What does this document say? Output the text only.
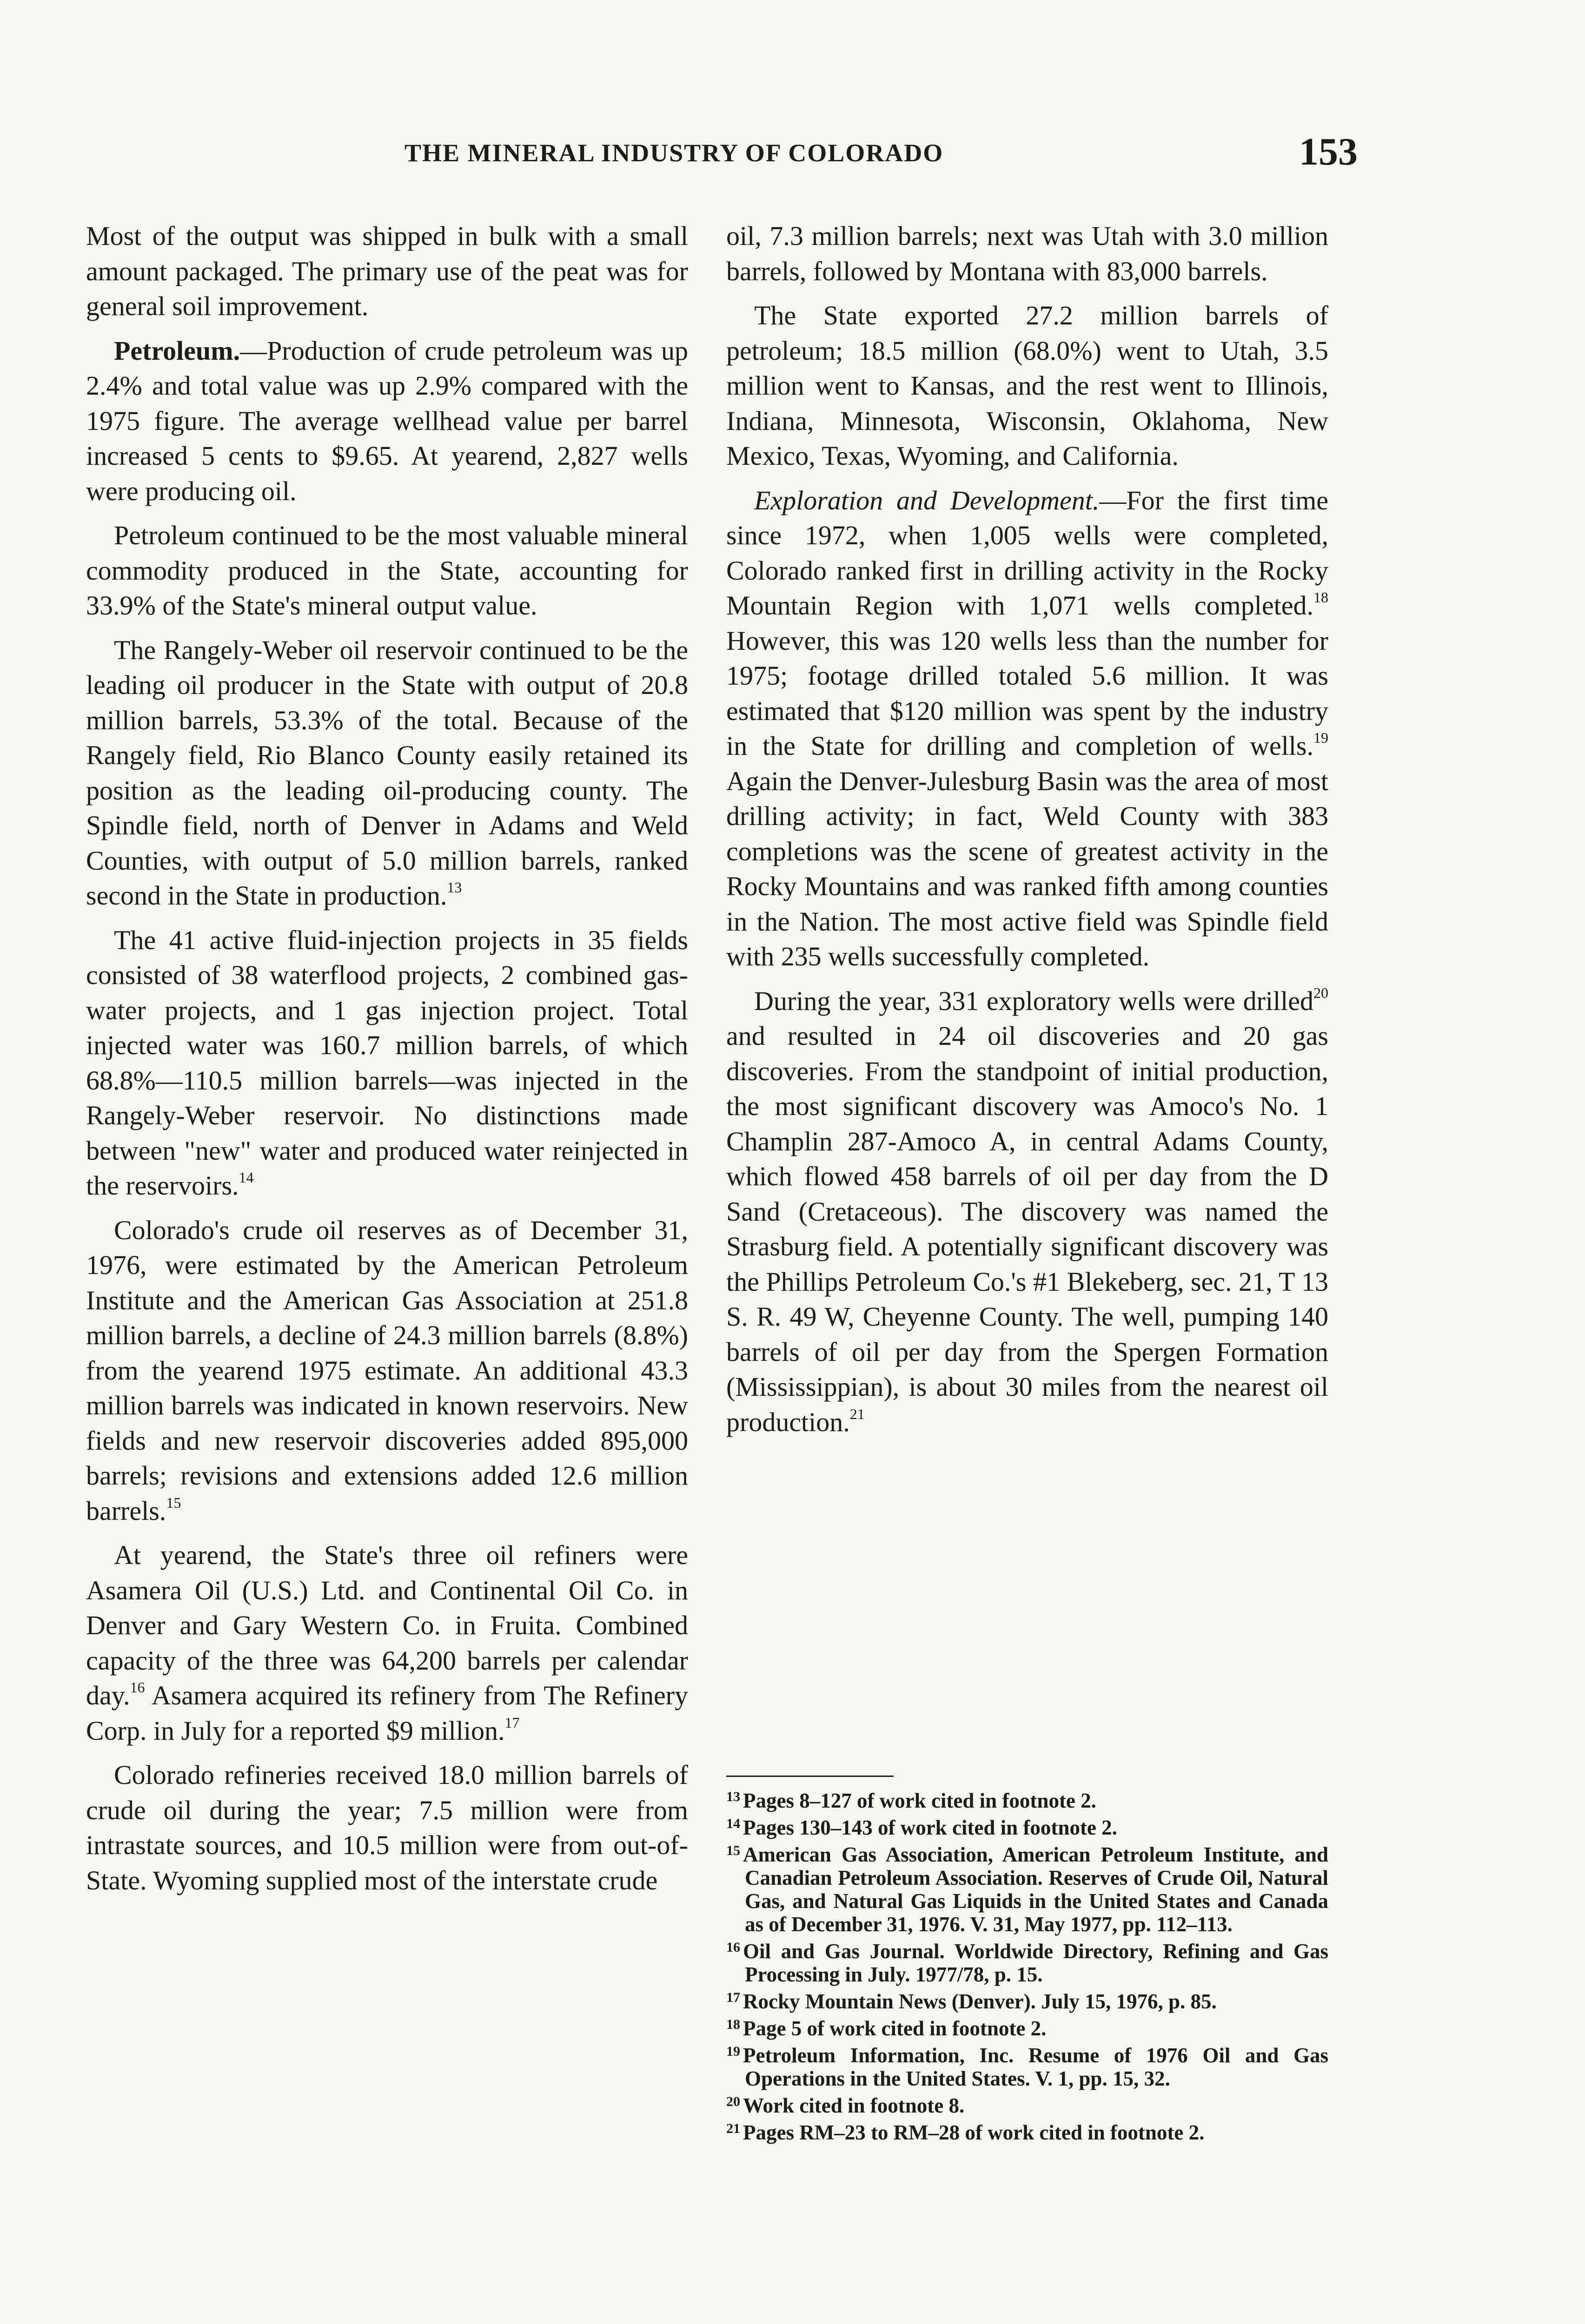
THE MINERAL INDUSTRY OF COLORADO	153

Most of the output was shipped in bulk with a small amount packaged. The primary use of the peat was for general soil improvement.

Petroleum.—Production of crude petroleum was up 2.4% and total value was up 2.9% compared with the 1975 figure. The average wellhead value per barrel increased 5 cents to $9.65. At yearend, 2,827 wells were producing oil.

Petroleum continued to be the most valuable mineral commodity produced in the State, accounting for 33.9% of the State's mineral output value.

The Rangely-Weber oil reservoir continued to be the leading oil producer in the State with output of 20.8 million barrels, 53.3% of the total. Because of the Rangely field, Rio Blanco County easily retained its position as the leading oil-producing county. The Spindle field, north of Denver in Adams and Weld Counties, with output of 5.0 million barrels, ranked second in the State in production.$^{13}$

The 41 active fluid-injection projects in 35 fields consisted of 38 waterflood projects, 2 combined gas-water projects, and 1 gas injection project. Total injected water was 160.7 million barrels, of which 68.8%—110.5 million barrels—was injected in the Rangely-Weber reservoir. No distinctions made between "new" water and produced water reinjected in the reservoirs.$^{14}$

Colorado's crude oil reserves as of December 31, 1976, were estimated by the American Petroleum Institute and the American Gas Association at 251.8 million barrels, a decline of 24.3 million barrels (8.8%) from the yearend 1975 estimate. An additional 43.3 million barrels was indicated in known reservoirs. New fields and new reservoir discoveries added 895,000 barrels; revisions and extensions added 12.6 million barrels.$^{15}$

At yearend, the State's three oil refiners were Asamera Oil (U.S.) Ltd. and Continental Oil Co. in Denver and Gary Western Co. in Fruita. Combined capacity of the three was 64,200 barrels per calendar day.$^{16}$ Asamera acquired its refinery from The Refinery Corp. in July for a reported $9 million.$^{17}$

Colorado refineries received 18.0 million barrels of crude oil during the year; 7.5 million were from intrastate sources, and 10.5 million were from out-of-State. Wyoming supplied most of the interstate crude

oil, 7.3 million barrels; next was Utah with 3.0 million barrels, followed by Montana with 83,000 barrels.

The State exported 27.2 million barrels of petroleum; 18.5 million (68.0%) went to Utah, 3.5 million went to Kansas, and the rest went to Illinois, Indiana, Minnesota, Wisconsin, Oklahoma, New Mexico, Texas, Wyoming, and California.

Exploration and Development.—For the first time since 1972, when 1,005 wells were completed, Colorado ranked first in drilling activity in the Rocky Mountain Region with 1,071 wells completed.$^{18}$ However, this was 120 wells less than the number for 1975; footage drilled totaled 5.6 million. It was estimated that $120 million was spent by the industry in the State for drilling and completion of wells.$^{19}$ Again the Denver-Julesburg Basin was the area of most drilling activity; in fact, Weld County with 383 completions was the scene of greatest activity in the Rocky Mountains and was ranked fifth among counties in the Nation. The most active field was Spindle field with 235 wells successfully completed.

During the year, 331 exploratory wells were drilled$^{20}$ and resulted in 24 oil discoveries and 20 gas discoveries. From the standpoint of initial production, the most significant discovery was Amoco's No. 1 Champlin 287-Amoco A, in central Adams County, which flowed 458 barrels of oil per day from the D Sand (Cretaceous). The discovery was named the Strasburg field. A potentially significant discovery was the Phillips Petroleum Co.'s #1 Blekeberg, sec. 21, T 13 S. R. 49 W, Cheyenne County. The well, pumping 140 barrels of oil per day from the Spergen Formation (Mississippian), is about 30 miles from the nearest oil production.$^{21}$

$^{13}$ Pages 8–127 of work cited in footnote 2.

$^{14}$ Pages 130–143 of work cited in footnote 2.

$^{15}$ American Gas Association, American Petroleum Institute, and Canadian Petroleum Association. Reserves of Crude Oil, Natural Gas, and Natural Gas Liquids in the United States and Canada as of December 31, 1976. V. 31, May 1977, pp. 112–113.

$^{16}$ Oil and Gas Journal. Worldwide Directory, Refining and Gas Processing in July. 1977/78, p. 15.

$^{17}$ Rocky Mountain News (Denver). July 15, 1976, p. 85.

$^{18}$ Page 5 of work cited in footnote 2.

$^{19}$ Petroleum Information, Inc. Resume of 1976 Oil and Gas Operations in the United States. V. 1, pp. 15, 32.

$^{20}$ Work cited in footnote 8.

$^{21}$ Pages RM–23 to RM–28 of work cited in footnote 2.
